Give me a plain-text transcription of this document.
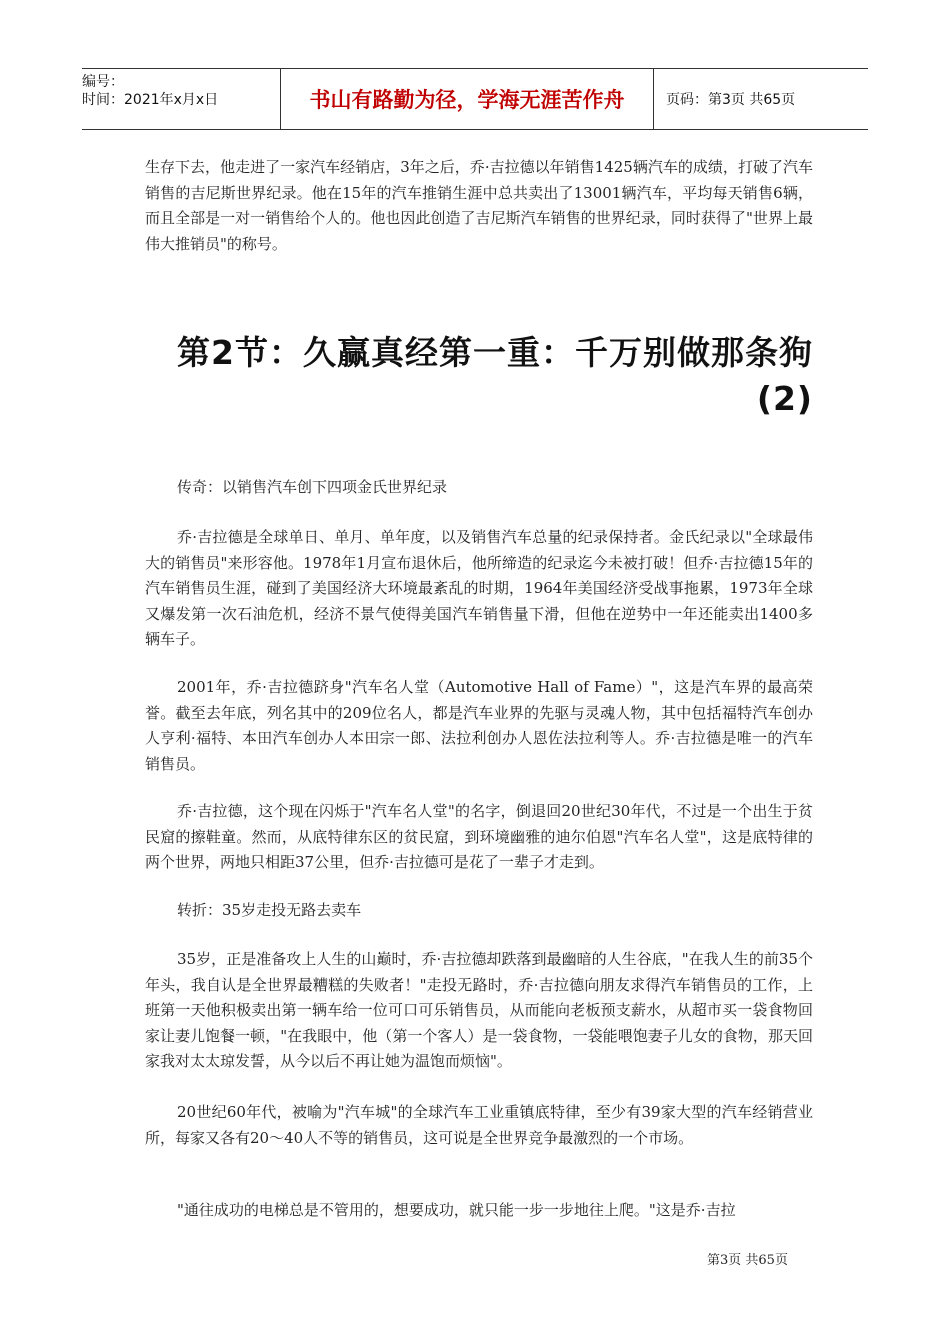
编号：
时间：2021年x月x日	书山有路勤为径，学海无涯苦作舟	页码：第3页 共65页

生存下去，他走进了一家汽车经销店，3年之后，乔·吉拉德以年销售1425辆汽车的成绩，打破了汽车销售的吉尼斯世界纪录。他在15年的汽车推销生涯中总共卖出了13001辆汽车，平均每天销售6辆，而且全部是一对一销售给个人的。他也因此创造了吉尼斯汽车销售的世界纪录，同时获得了"世界上最伟大推销员"的称号。

第2节：久赢真经第一重：千万别做那条狗(2)

传奇：以销售汽车创下四项金氏世界纪录

乔·吉拉德是全球单日、单月、单年度，以及销售汽车总量的纪录保持者。金氏纪录以"全球最伟大的销售员"来形容他。1978年1月宣布退休后，他所缔造的纪录迄今未被打破！但乔·吉拉德15年的汽车销售员生涯，碰到了美国经济大环境最紊乱的时期，1964年美国经济受战事拖累，1973年全球又爆发第一次石油危机，经济不景气使得美国汽车销售量下滑，但他在逆势中一年还能卖出1400多辆车子。

2001年，乔·吉拉德跻身"汽车名人堂（Automotive Hall of Fame）"，这是汽车界的最高荣誉。截至去年底，列名其中的209位名人，都是汽车业界的先驱与灵魂人物，其中包括福特汽车创办人亨利·福特、本田汽车创办人本田宗一郎、法拉利创办人恩佐法拉利等人。乔·吉拉德是唯一的汽车销售员。

乔·吉拉德，这个现在闪烁于"汽车名人堂"的名字，倒退回20世纪30年代，不过是一个出生于贫民窟的擦鞋童。然而，从底特律东区的贫民窟，到环境幽雅的迪尔伯恩"汽车名人堂"，这是底特律的两个世界，两地只相距37公里，但乔·吉拉德可是花了一辈子才走到。

转折：35岁走投无路去卖车

35岁，正是准备攻上人生的山巅时，乔·吉拉德却跌落到最幽暗的人生谷底，"在我人生的前35个年头，我自认是全世界最糟糕的失败者！"走投无路时，乔·吉拉德向朋友求得汽车销售员的工作，上班第一天他积极卖出第一辆车给一位可口可乐销售员，从而能向老板预支薪水，从超市买一袋食物回家让妻儿饱餐一顿，"在我眼中，他（第一个客人）是一袋食物，一袋能喂饱妻子儿女的食物，那天回家我对太太琼发誓，从今以后不再让她为温饱而烦恼"。

20世纪60年代，被喻为"汽车城"的全球汽车工业重镇底特律，至少有39家大型的汽车经销营业所，每家又各有20～40人不等的销售员，这可说是全世界竞争最激烈的一个市场。

"通往成功的电梯总是不管用的，想要成功，就只能一步一步地往上爬。"这是乔·吉拉

第3页 共65页
